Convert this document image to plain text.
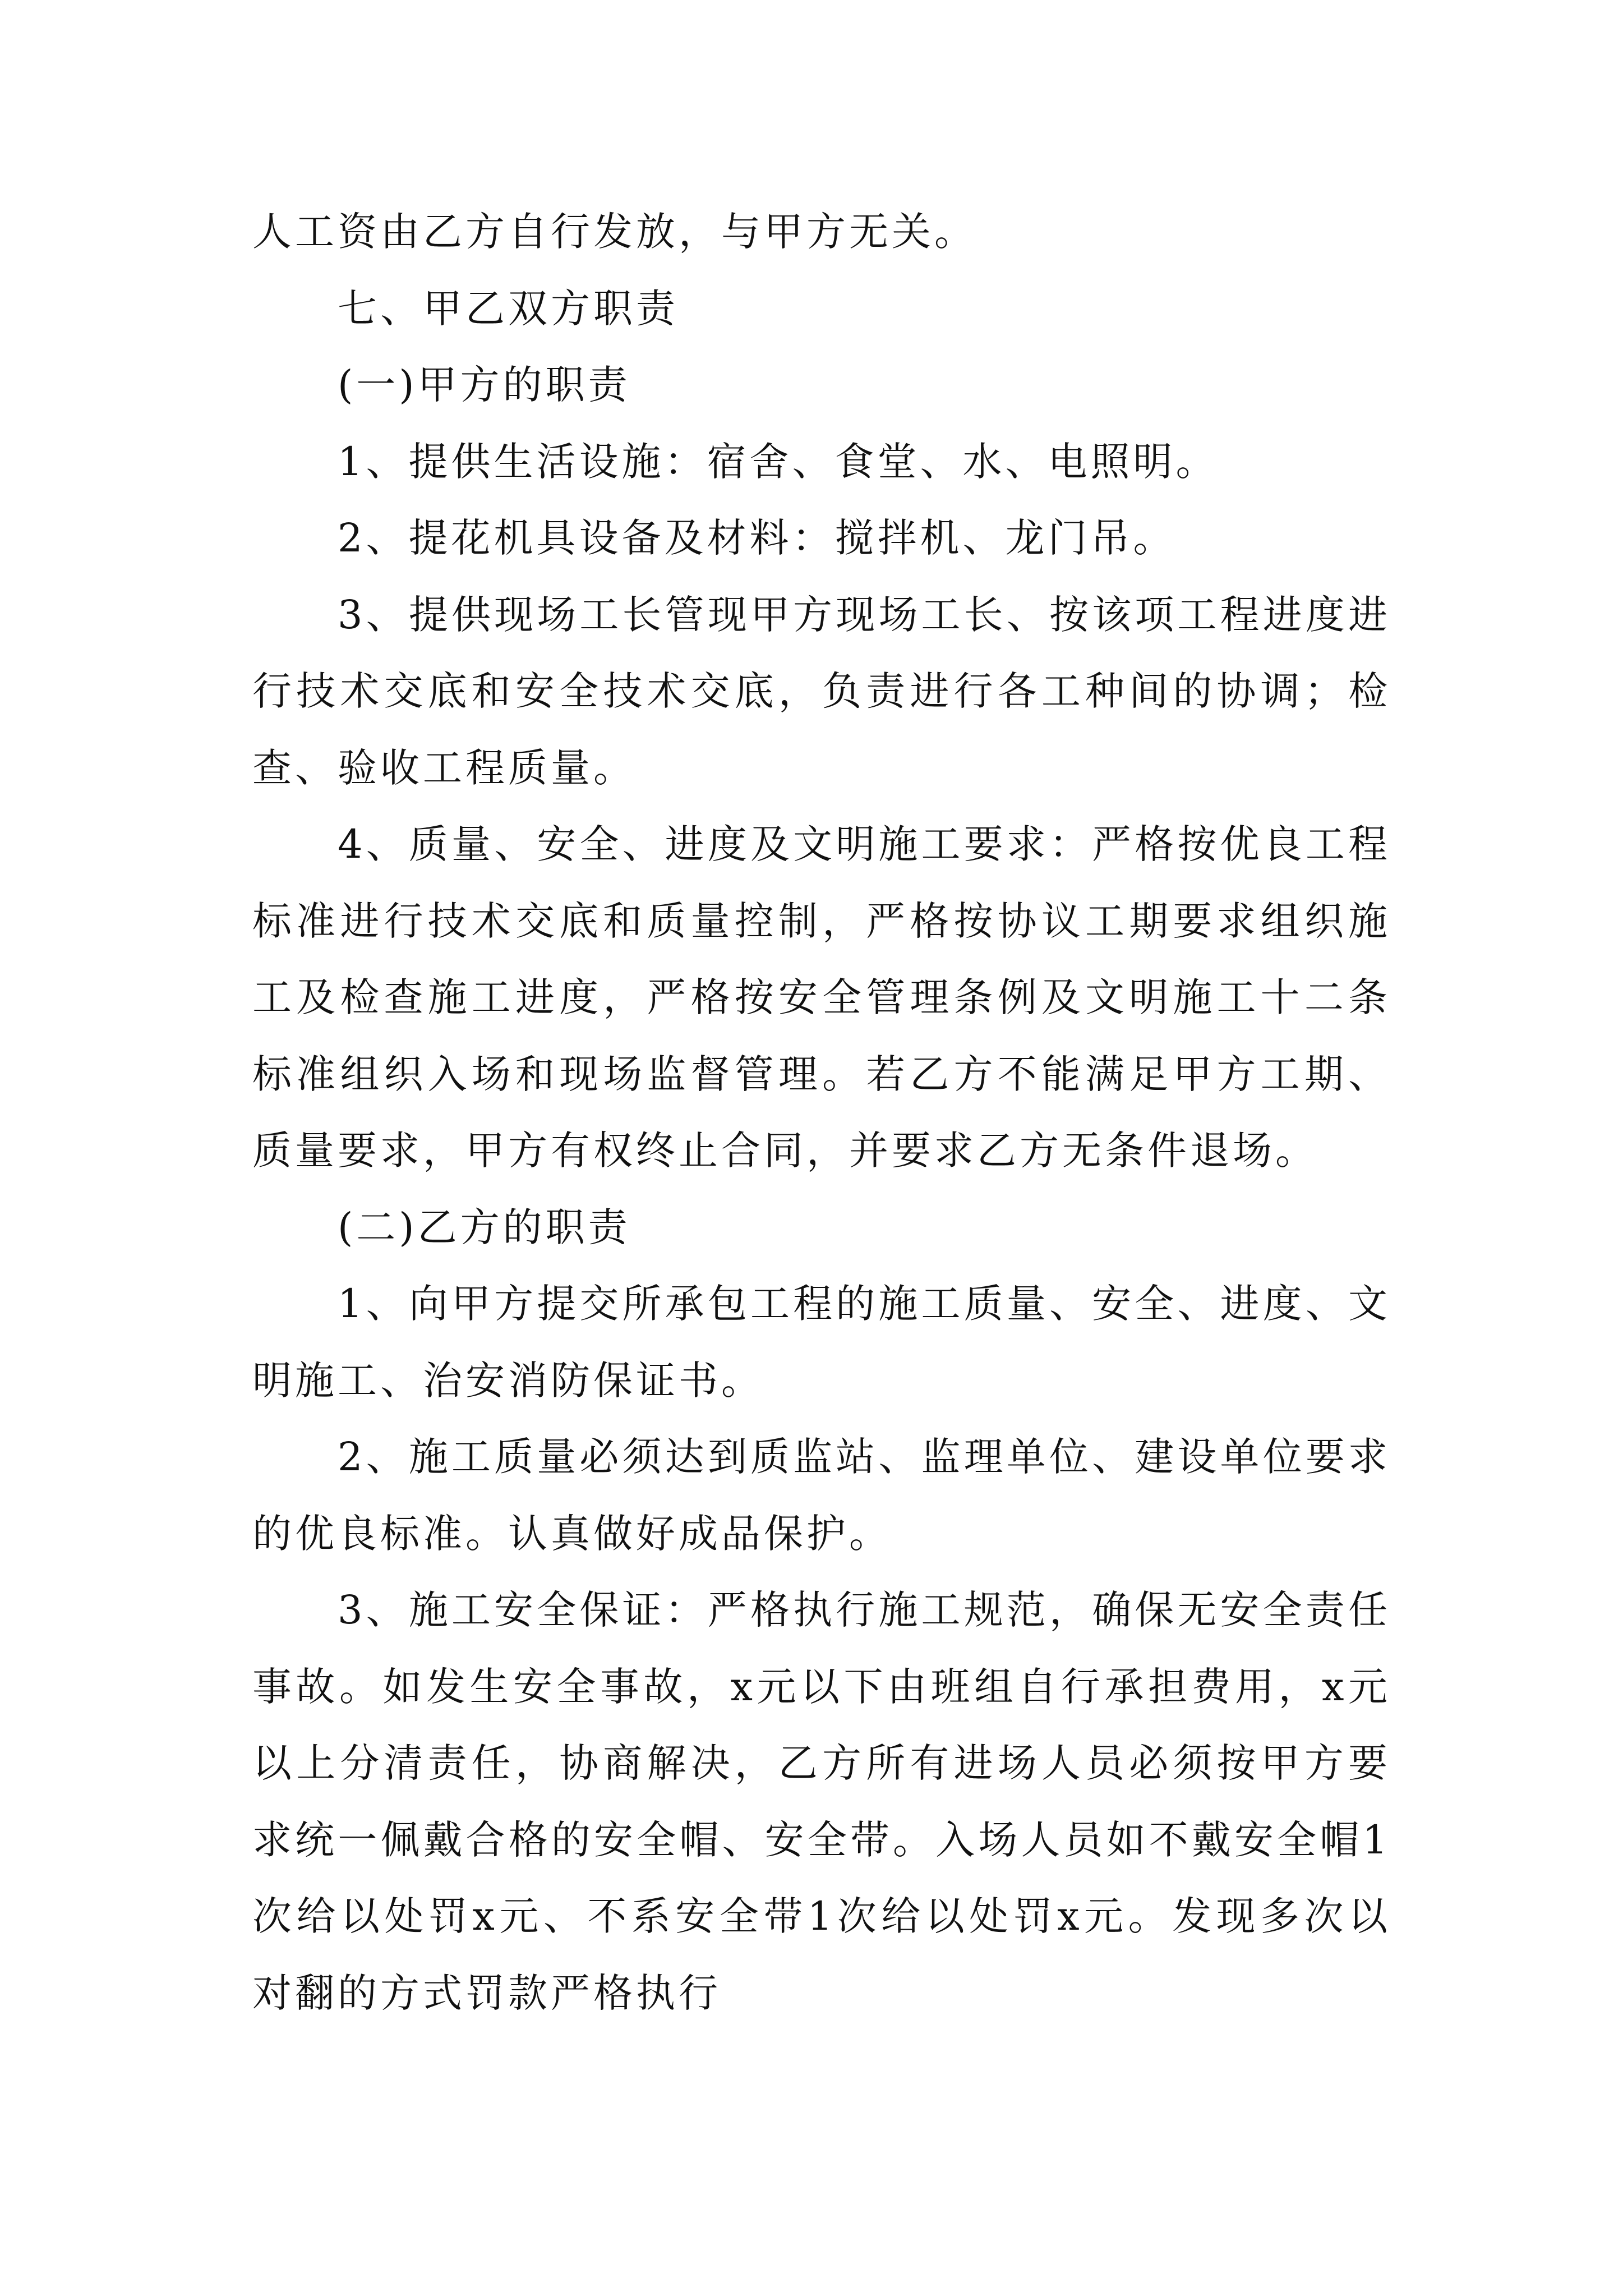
人工资由乙方自行发放，与甲方无关。

七、甲乙双方职责

(一)甲方的职责

1、提供生活设施：宿舍、食堂、水、电照明。

2、提花机具设备及材料：搅拌机、龙门吊。

3、提供现场工长管现甲方现场工长、按该项工程进度进行技术交底和安全技术交底，负责进行各工种间的协调；检查、验收工程质量。

4、质量、安全、进度及文明施工要求：严格按优良工程标准进行技术交底和质量控制，严格按协议工期要求组织施工及检查施工进度，严格按安全管理条例及文明施工十二条标准组织入场和现场监督管理。若乙方不能满足甲方工期、质量要求，甲方有权终止合同，并要求乙方无条件退场。

(二)乙方的职责

1、向甲方提交所承包工程的施工质量、安全、进度、文明施工、治安消防保证书。

2、施工质量必须达到质监站、监理单位、建设单位要求的优良标准。认真做好成品保护。

3、施工安全保证：严格执行施工规范，确保无安全责任事故。如发生安全事故，x元以下由班组自行承担费用，x元以上分清责任，协商解决，乙方所有进场人员必须按甲方要求统一佩戴合格的安全帽、安全带。入场人员如不戴安全帽1次给以处罚x元、不系安全带1次给以处罚x元。发现多次以对翻的方式罚款严格执行
